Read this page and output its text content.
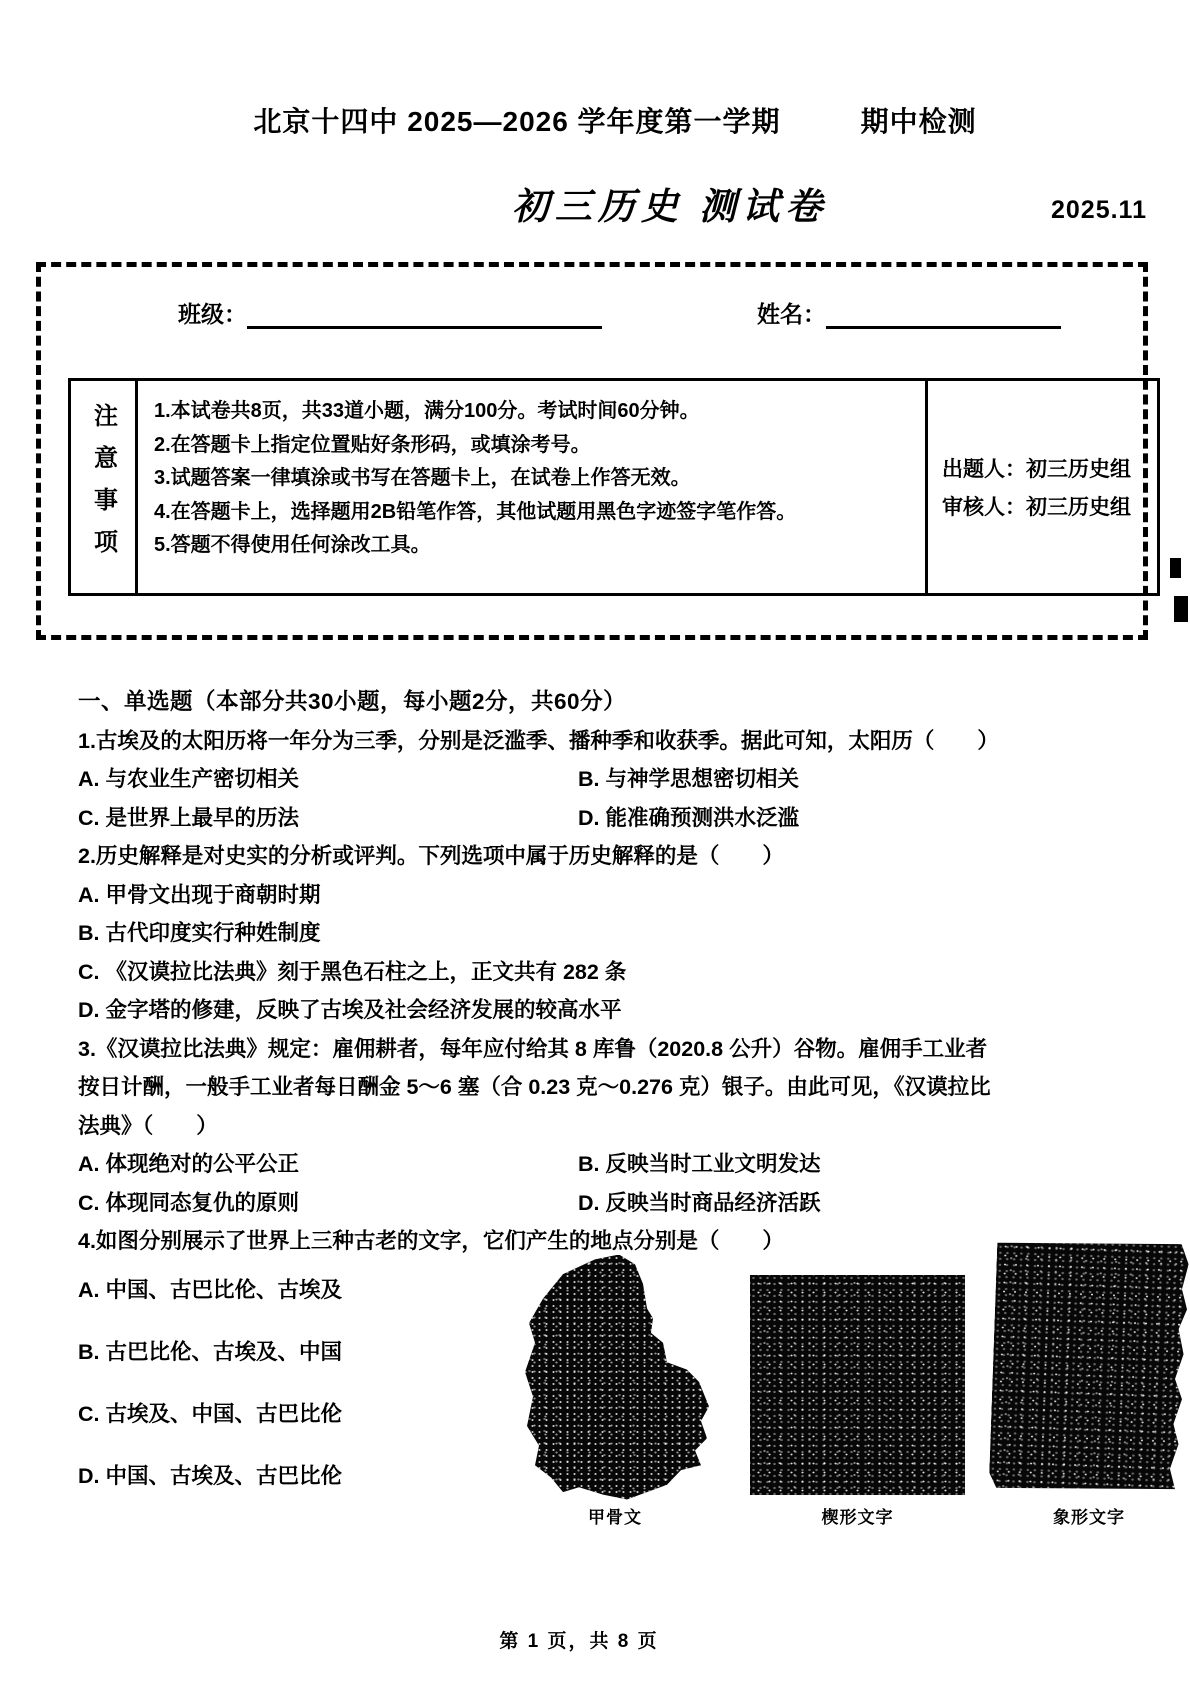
北京十四中 2025—2026 学年度第一学期	期中检测
初三历史 测试卷	2025.11
班级：	姓名：
注意事项 1.本试卷共8页，共33道小题，满分100分。考试时间60分钟。
2.在答题卡上指定位置贴好条形码，或填涂考号。
3.试题答案一律填涂或书写在答题卡上，在试卷上作答无效。
4.在答题卡上，选择题用2B铅笔作答，其他试题用黑色字迹签字笔作答。
5.答题不得使用任何涂改工具。
出题人：初三历史组
审核人：初三历史组
一、单选题（本部分共30小题，每小题2分，共60分）
1.古埃及的太阳历将一年分为三季，分别是泛滥季、播种季和收获季。据此可知，太阳历（　　）
A. 与农业生产密切相关	B. 与神学思想密切相关
C. 是世界上最早的历法	D. 能准确预测洪水泛滥
2.历史解释是对史实的分析或评判。下列选项中属于历史解释的是（　　）
A. 甲骨文出现于商朝时期
B. 古代印度实行种姓制度
C. 《汉谟拉比法典》刻于黑色石柱之上，正文共有 282 条
D. 金字塔的修建，反映了古埃及社会经济发展的较高水平
3.《汉谟拉比法典》规定：雇佣耕者，每年应付给其 8 库鲁（2020.8 公升）谷物。雇佣手工业者
按日计酬，一般手工业者每日酬金 5～6 塞（合 0.23 克～0.276 克）银子。由此可见，《汉谟拉比
法典》（　　）
A. 体现绝对的公平公正	B. 反映当时工业文明发达
C. 体现同态复仇的原则	D. 反映当时商品经济活跃
4.如图分别展示了世界上三种古老的文字，它们产生的地点分别是（　　）
A. 中国、古巴比伦、古埃及
B. 古巴比伦、古埃及、中国
C. 古埃及、中国、古巴比伦
D. 中国、古埃及、古巴比伦
甲骨文	楔形文字	象形文字
第 1 页，共 8 页
